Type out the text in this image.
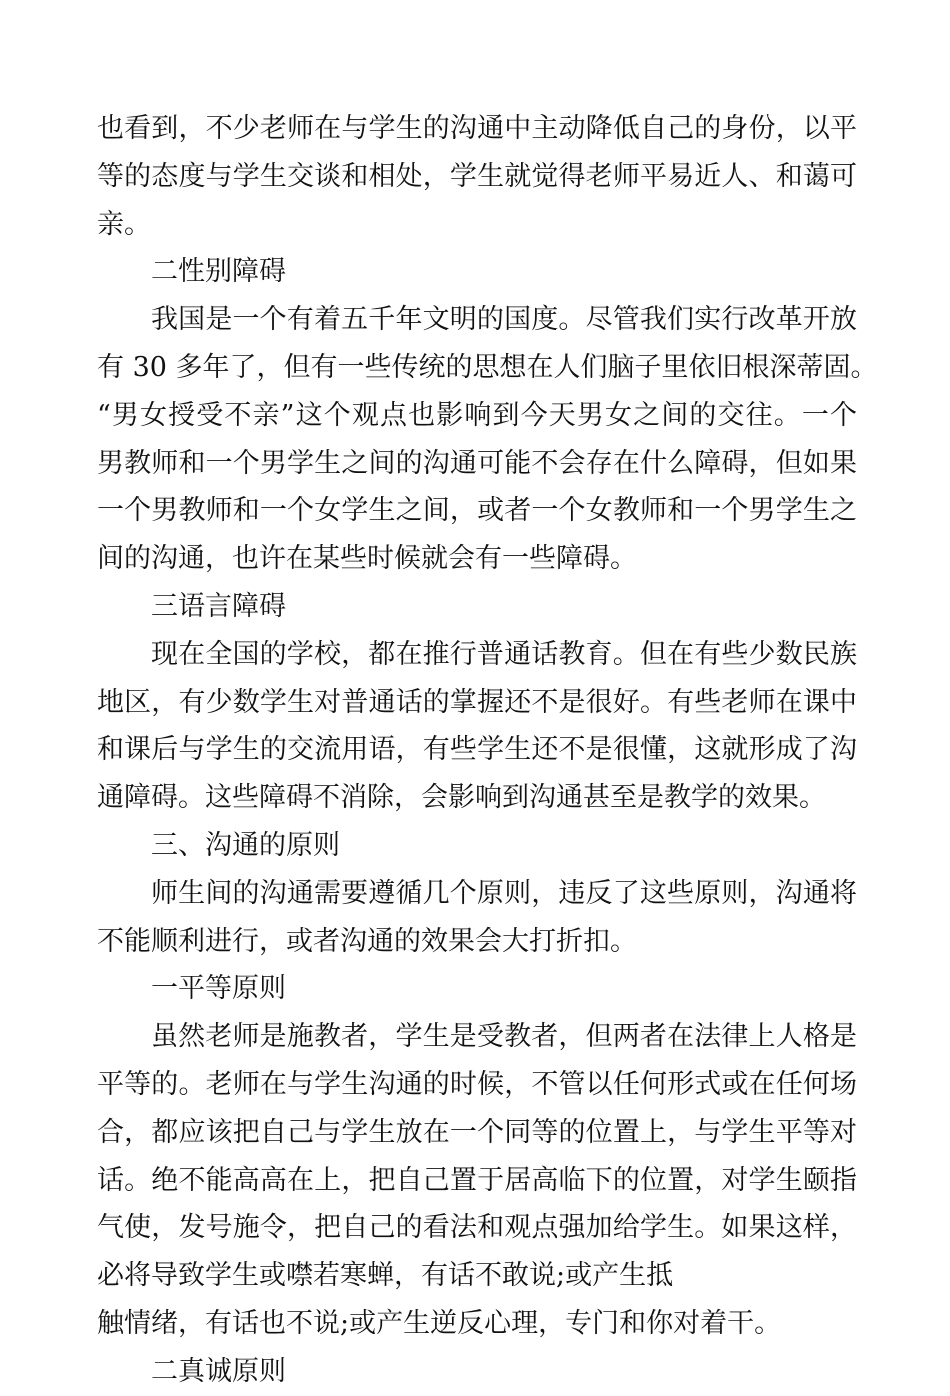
也看到，不少老师在与学生的沟通中主动降低自己的身份，以平
等的态度与学生交谈和相处，学生就觉得老师平易近人、和蔼可
亲。
二性别障碍
我国是一个有着五千年文明的国度。尽管我们实行改革开放
有 30 多年了，但有一些传统的思想在人们脑子里依旧根深蒂固。
“男女授受不亲”这个观点也影响到今天男女之间的交往。一个
男教师和一个男学生之间的沟通可能不会存在什么障碍，但如果
一个男教师和一个女学生之间，或者一个女教师和一个男学生之
间的沟通，也许在某些时候就会有一些障碍。
三语言障碍
现在全国的学校，都在推行普通话教育。但在有些少数民族
地区，有少数学生对普通话的掌握还不是很好。有些老师在课中
和课后与学生的交流用语，有些学生还不是很懂，这就形成了沟
通障碍。这些障碍不消除，会影响到沟通甚至是教学的效果。
三、沟通的原则
师生间的沟通需要遵循几个原则，违反了这些原则，沟通将
不能顺利进行，或者沟通的效果会大打折扣。
一平等原则
虽然老师是施教者，学生是受教者，但两者在法律上人格是
平等的。老师在与学生沟通的时候，不管以任何形式或在任何场
合，都应该把自己与学生放在一个同等的位置上，与学生平等对
话。绝不能高高在上，把自己置于居高临下的位置，对学生颐指
气使，发号施令，把自己的看法和观点强加给学生。如果这样，
必将导致学生或噤若寒蝉，有话不敢说;或产生抵
触情绪，有话也不说;或产生逆反心理，专门和你对着干。
二真诚原则
